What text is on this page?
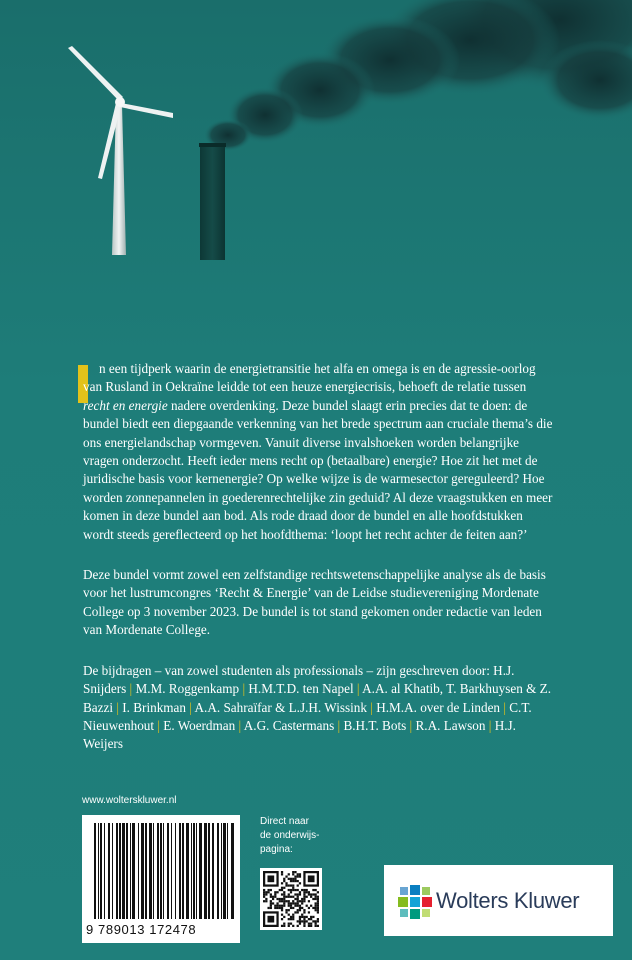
n een tijdperk waarin de energietransitie het alfa en omega is en de agressie-oorlog van Rusland in Oekraïne leidde tot een heuze energiecrisis, behoeft de relatie tussen recht en energie nadere overdenking. Deze bundel slaagt erin precies dat te doen: de bundel biedt een diepgaande verkenning van het brede spectrum aan cruciale thema’s die ons energielandschap vormgeven. Vanuit diverse invalshoeken worden belangrijke vragen onderzocht. Heeft ieder mens recht op (betaalbare) energie? Hoe zit het met de juridische basis voor kernenergie? Op welke wijze is de warmesector gereguleerd? Hoe worden zonnepannelen in goederenrechtelijke zin geduid? Al deze vraagstukken en meer komen in deze bundel aan bod. Als rode draad door de bundel en alle hoofdstukken wordt steeds gereflecteerd op het hoofdthema: ‘loopt het recht achter de feiten aan?’

Deze bundel vormt zowel een zelfstandige rechtswetenschappelijke analyse als de basis voor het lustrumcongres ‘Recht & Energie’ van de Leidse studievereniging Mordenate College op 3 november 2023. De bundel is tot stand gekomen onder redactie van leden van Mordenate College.

De bijdragen – van zowel studenten als professionals – zijn geschreven door: H.J. Snijders | M.M. Roggenkamp | H.M.T.D. ten Napel | A.A. al Khatib, T. Barkhuysen & Z. Bazzi | I. Brinkman | A.A. Sahraïfar & L.J.H. Wissink | H.M.A. over de Linden | C.T. Nieuwenhout | E. Woerdman | A.G. Castermans | B.H.T. Bots | R.A. Lawson | H.J. Weijers

www.wolterskluwer.nl
9 789013 172478
Direct naar
de onderwijs-
pagina:
Wolters Kluwer
